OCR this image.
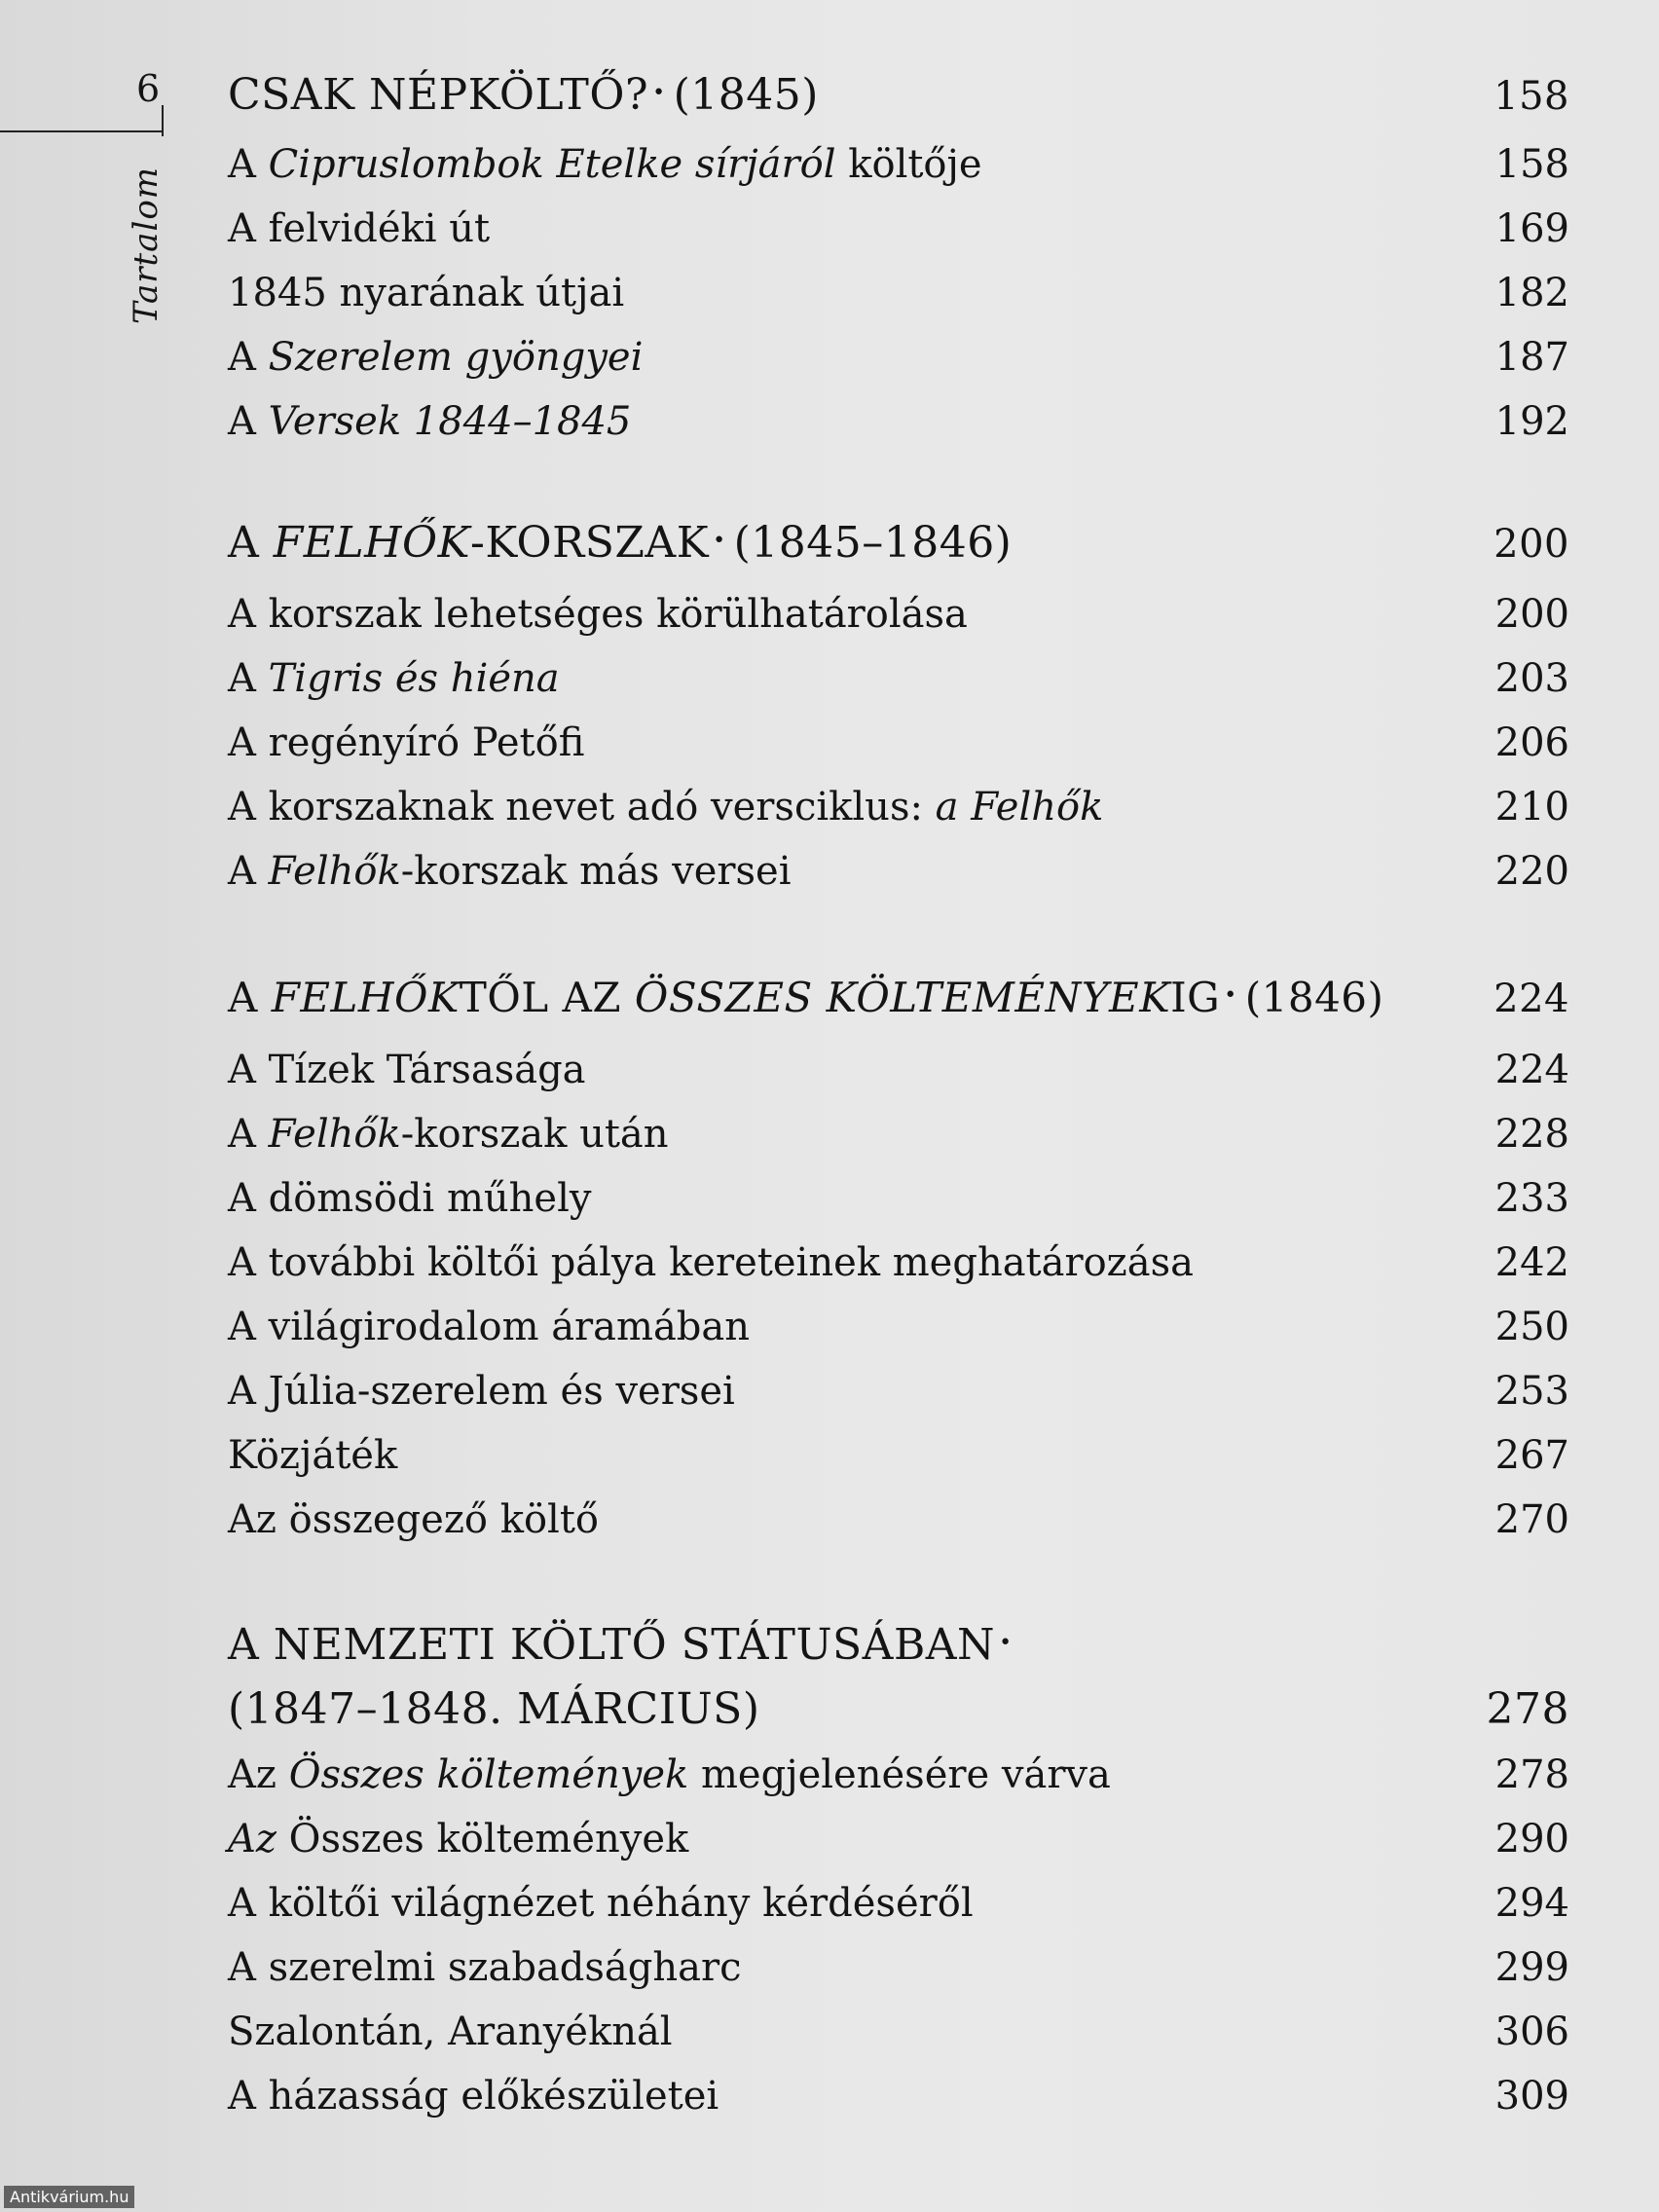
6
Tartalom
CSAK NÉPKÖLTŐ? • (1845)	158
A Cipruslombok Etelke sírjáról költője	158
A felvidéki út	169
1845 nyarának útjai	182
A Szerelem gyöngyei	187
A Versek 1844–1845	192
A FELHŐK-KORSZAK • (1845–1846)	200
A korszak lehetséges körülhatárolása	200
A Tigris és hiéna	203
A regényíró Petőfi	206
A korszaknak nevet adó versciklus: a Felhők	210
A Felhők-korszak más versei	220
A FELHŐKTŐL AZ ÖSSZES KÖLTEMÉNYEKIG • (1846)	224
A Tízek Társasága	224
A Felhők-korszak után	228
A dömsödi műhely	233
A további költői pálya kereteinek meghatározása	242
A világirodalom áramában	250
A Júlia-szerelem és versei	253
Közjáték	267
Az összegező költő	270
A NEMZETI KÖLTŐ STÁTUSÁBAN •
(1847–1848. MÁRCIUS)	278
Az Összes költemények megjelenésére várva	278
Az Összes költemények	290
A költői világnézet néhány kérdéséről	294
A szerelmi szabadságharc	299
Szalontán, Aranyéknál	306
A házasság előkészületei	309
Antikvárium.hu
